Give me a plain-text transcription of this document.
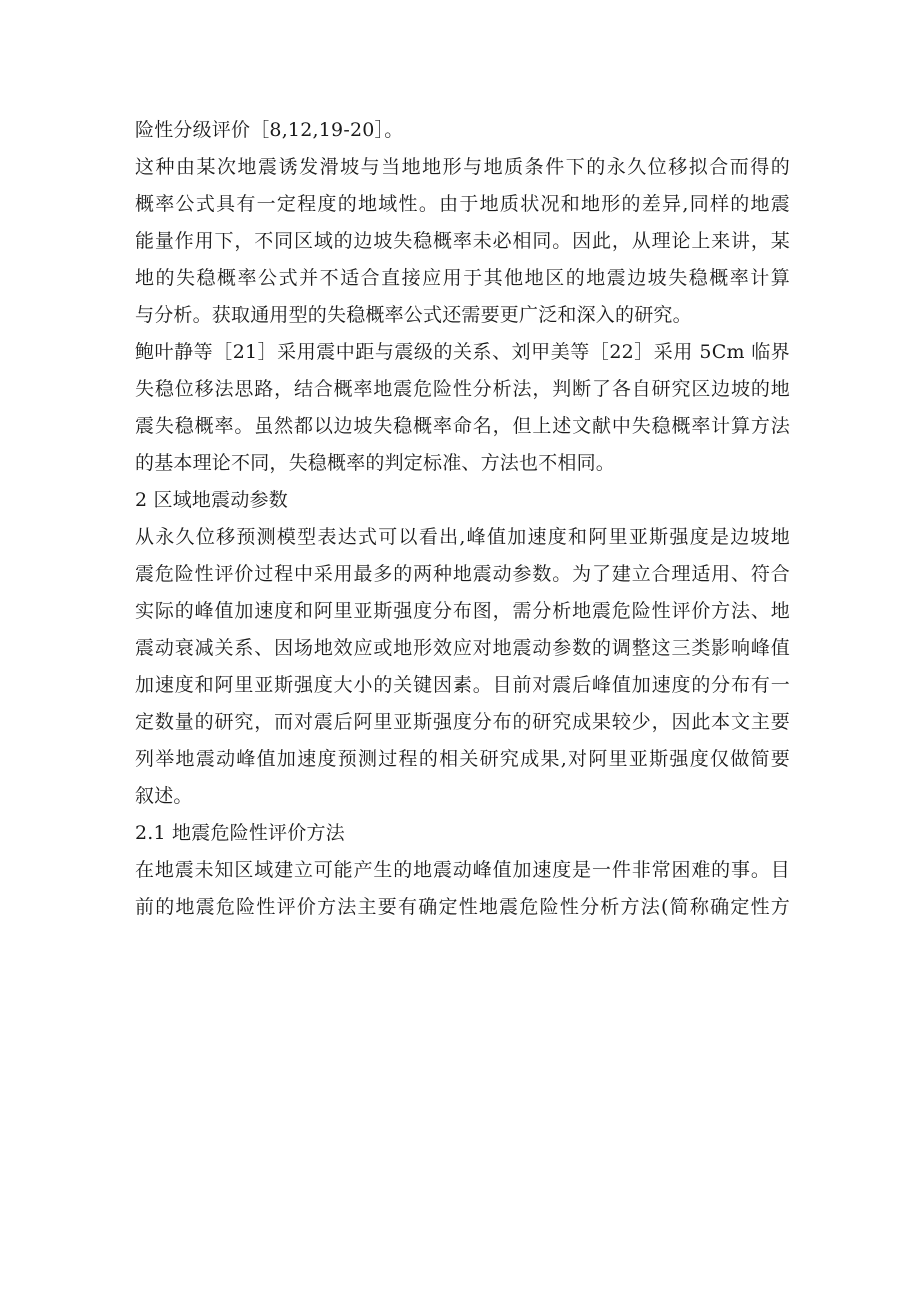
险性分级评价［8,12,19-20］。
这种由某次地震诱发滑坡与当地地形与地质条件下的永久位移拟合而得的
概率公式具有一定程度的地域性。由于地质状况和地形的差异,同样的地震
能量作用下，不同区域的边坡失稳概率未必相同。因此，从理论上来讲，某
地的失稳概率公式并不适合直接应用于其他地区的地震边坡失稳概率计算
与分析。获取通用型的失稳概率公式还需要更广泛和深入的研究。
鲍叶静等［21］采用震中距与震级的关系、刘甲美等［22］采用 5Cm 临界
失稳位移法思路，结合概率地震危险性分析法，判断了各自研究区边坡的地
震失稳概率。虽然都以边坡失稳概率命名，但上述文献中失稳概率计算方法
的基本理论不同，失稳概率的判定标准、方法也不相同。
2 区域地震动参数
从永久位移预测模型表达式可以看出,峰值加速度和阿里亚斯强度是边坡地
震危险性评价过程中采用最多的两种地震动参数。为了建立合理适用、符合
实际的峰值加速度和阿里亚斯强度分布图，需分析地震危险性评价方法、地
震动衰减关系、因场地效应或地形效应对地震动参数的调整这三类影响峰值
加速度和阿里亚斯强度大小的关键因素。目前对震后峰值加速度的分布有一
定数量的研究，而对震后阿里亚斯强度分布的研究成果较少，因此本文主要
列举地震动峰值加速度预测过程的相关研究成果,对阿里亚斯强度仅做简要
叙述。
2.1 地震危险性评价方法
在地震未知区域建立可能产生的地震动峰值加速度是一件非常困难的事。目
前的地震危险性评价方法主要有确定性地震危险性分析方法(简称确定性方
